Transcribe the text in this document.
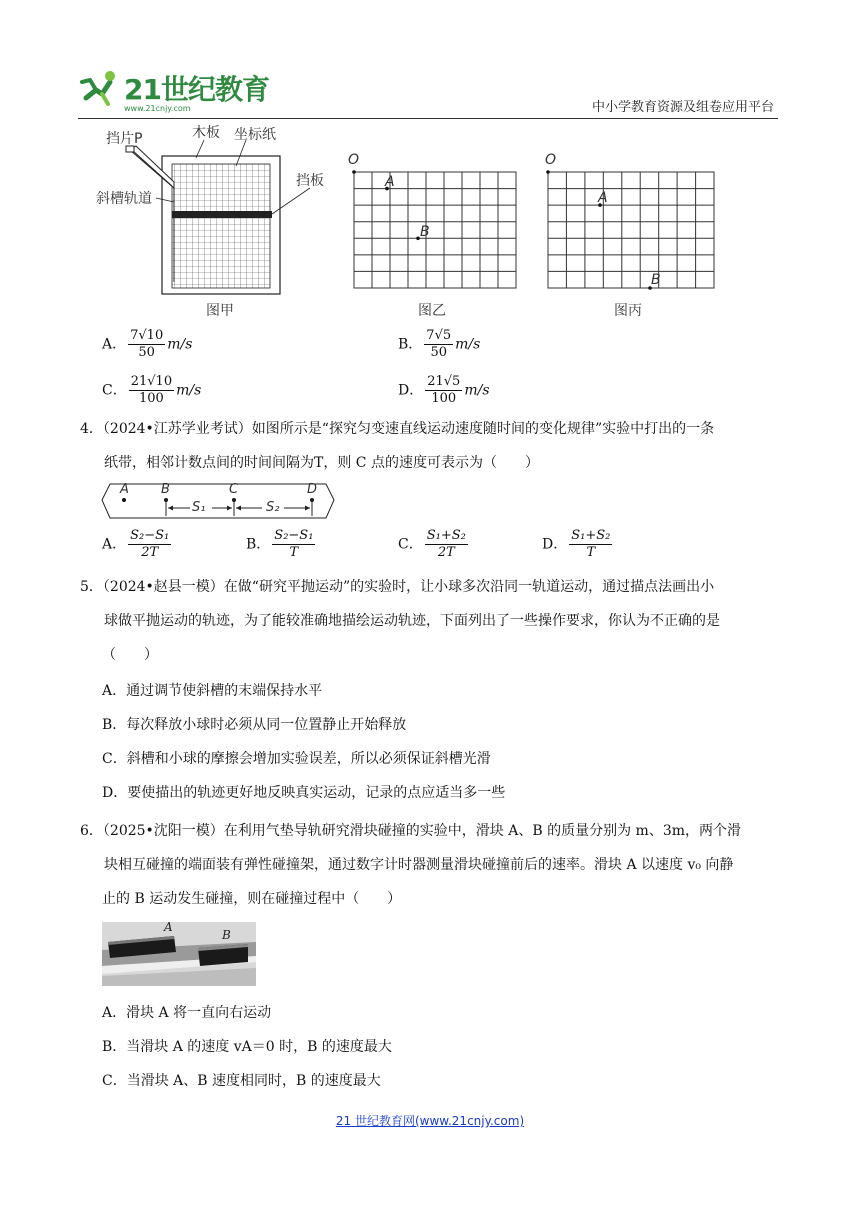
21世纪教育
www.21cnjy.com	中小学教育资源及组卷应用平台
挡片P	木板 坐标纸
斜槽轨道
挡板
图甲
O
A
B
图乙
O
A
B
图丙
A． $\frac{7√10}{50} m/s$	B． $\frac{7√5}{50} m/s$
C． $\frac{21√10}{100} m/s$	D． $\frac{21√5}{100} m/s$
4．（2024•江苏学业考试）如图所示是“探究匀变速直线运动速度随时间的变化规律”实验中打出的一条
纸带，相邻计数点间的时间间隔为T，则 C 点的速度可表示为（　　）
A B	C	D
S₁	S₂
A． $\frac{\text{S₂−S₁}}{2T}$	B． $\frac{\text{S₂−S₁}}{T}$	C． $\frac{\text{S₁+S₂}}{2T}$	D． $\frac{\text{S₁+S₂}}{T}$
5．（2024•赵县一模）在做“研究平抛运动”的实验时，让小球多次沿同一轨道运动，通过描点法画出小
球做平抛运动的轨迹，为了能较准确地描绘运动轨迹，下面列出了一些操作要求，你认为不正确的是
（　　）
A．通过调节使斜槽的末端保持水平
B．每次释放小球时必须从同一位置静止开始释放
C．斜槽和小球的摩擦会增加实验误差，所以必须保证斜槽光滑
D．要使描出的轨迹更好地反映真实运动，记录的点应适当多一些
6．（2025•沈阳一模）在利用气垫导轨研究滑块碰撞的实验中，滑块 A、B 的质量分别为 m、3m，两个滑
块相互碰撞的端面装有弹性碰撞架，通过数字计时器测量滑块碰撞前后的速率。滑块 A 以速度 v₀ 向静
止的 B 运动发生碰撞，则在碰撞过程中（　　）
A
B
A．滑块 A 将一直向右运动
B．当滑块 A 的速度 vA＝0 时，B 的速度最大
C．当滑块 A、B 速度相同时，B 的速度最大
21 世纪教育网(www.21cnjy.com)
